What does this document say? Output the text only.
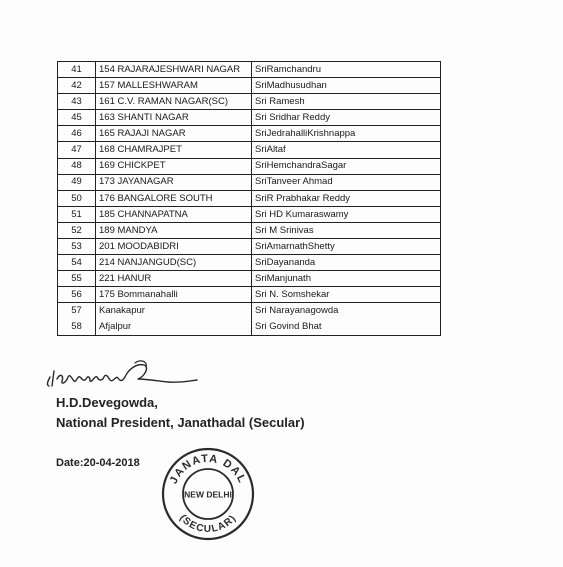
41	154 RAJARAJESHWARI NAGAR	SriRamchandru
42	157 MALLESHWARAM	SriMadhusudhan
43	161 C.V. RAMAN NAGAR(SC)	Sri Ramesh
45	163 SHANTI NAGAR	Sri Sridhar Reddy
46	165 RAJAJI NAGAR	SriJedrahalliKrishnappa
47	168 CHAMRAJPET	SriAltaf
48	169 CHICKPET	SriHemchandraSagar
49	173 JAYANAGAR	SriTanveer Ahmad
50	176 BANGALORE SOUTH	SriR Prabhakar Reddy
51	185 CHANNAPATNA	Sri HD Kumaraswamy
52	189 MANDYA	Sri M Srinivas
53	201 MOODABIDRI	SriAmarnathShetty
54	214 NANJANGUD(SC)	SriDayananda
55	221 HANUR	SriManjunath
56	175 Bommanahalli	Sri N. Somshekar
57	Kanakapur	Sri Narayanagowda
58	Afjalpur	Sri Govind Bhat
H.D.Devegowda,
National President, Janathadal (Secular)
Date:20-04-2018
JANATA DAL
(SECULAR)
NEW DELHI
